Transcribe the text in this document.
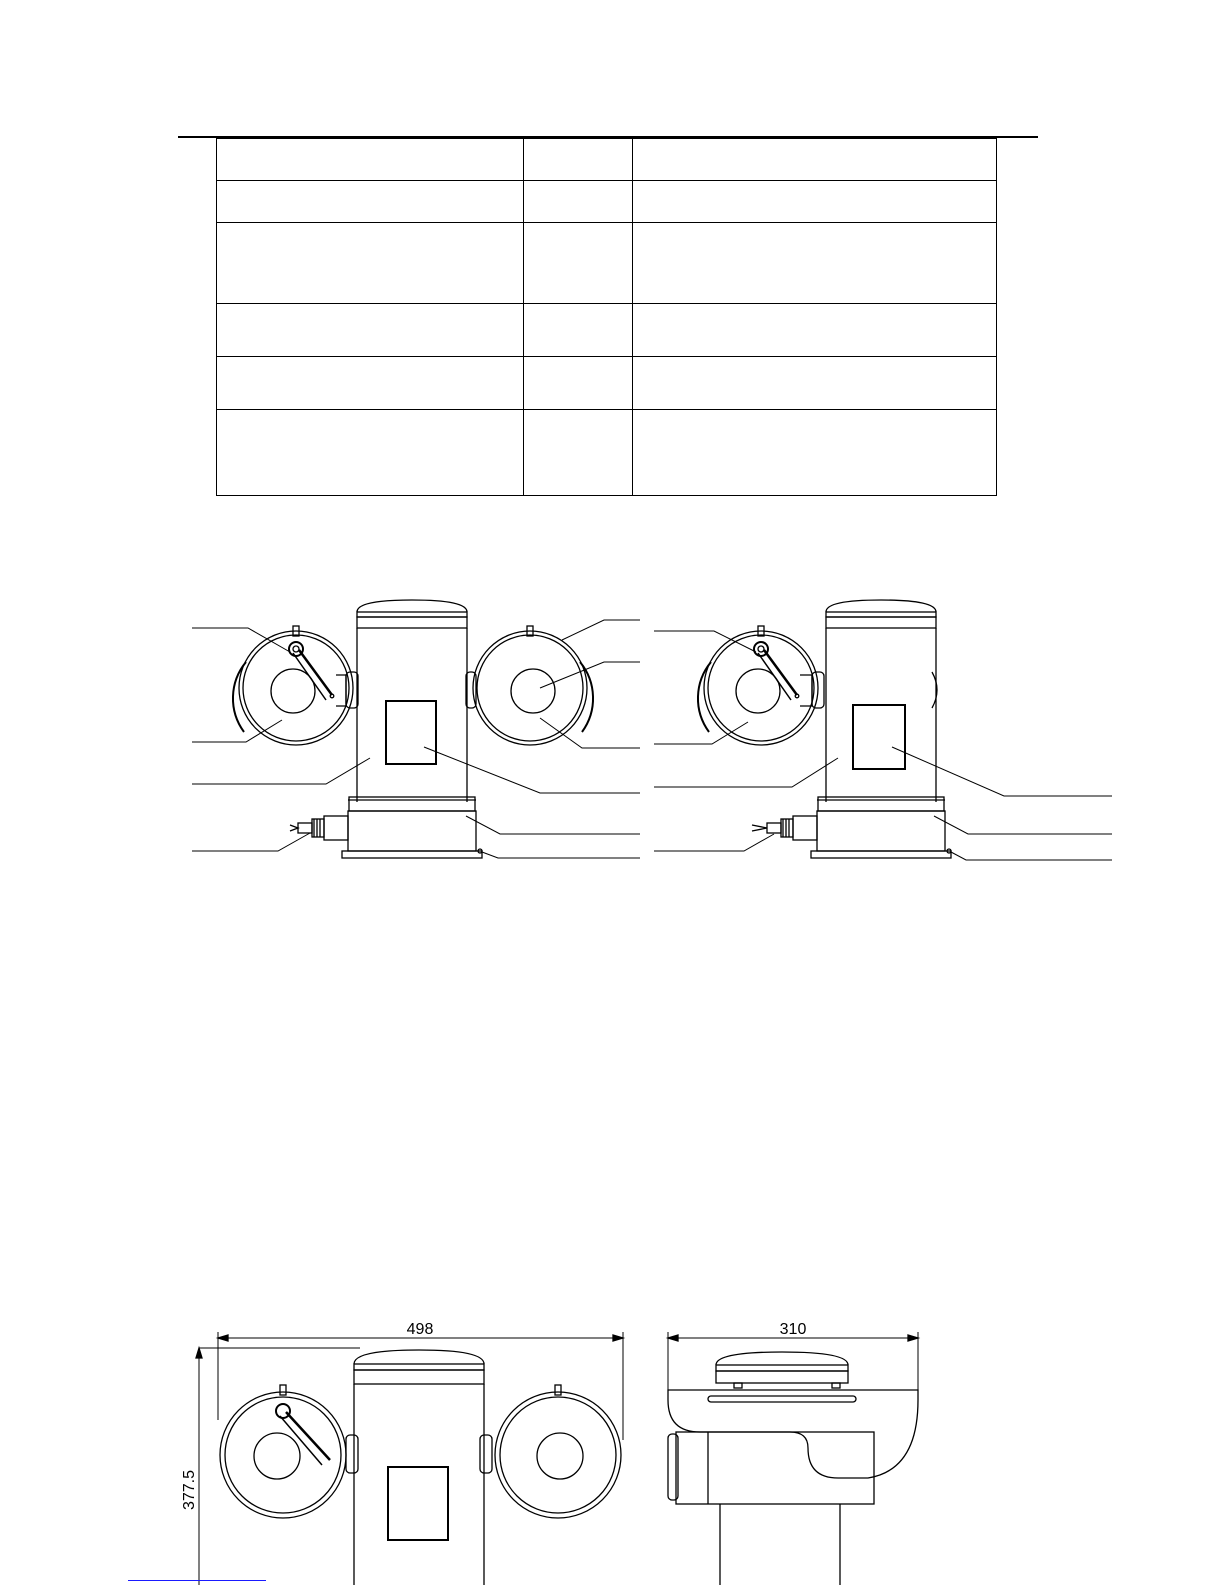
498	310
377.5
